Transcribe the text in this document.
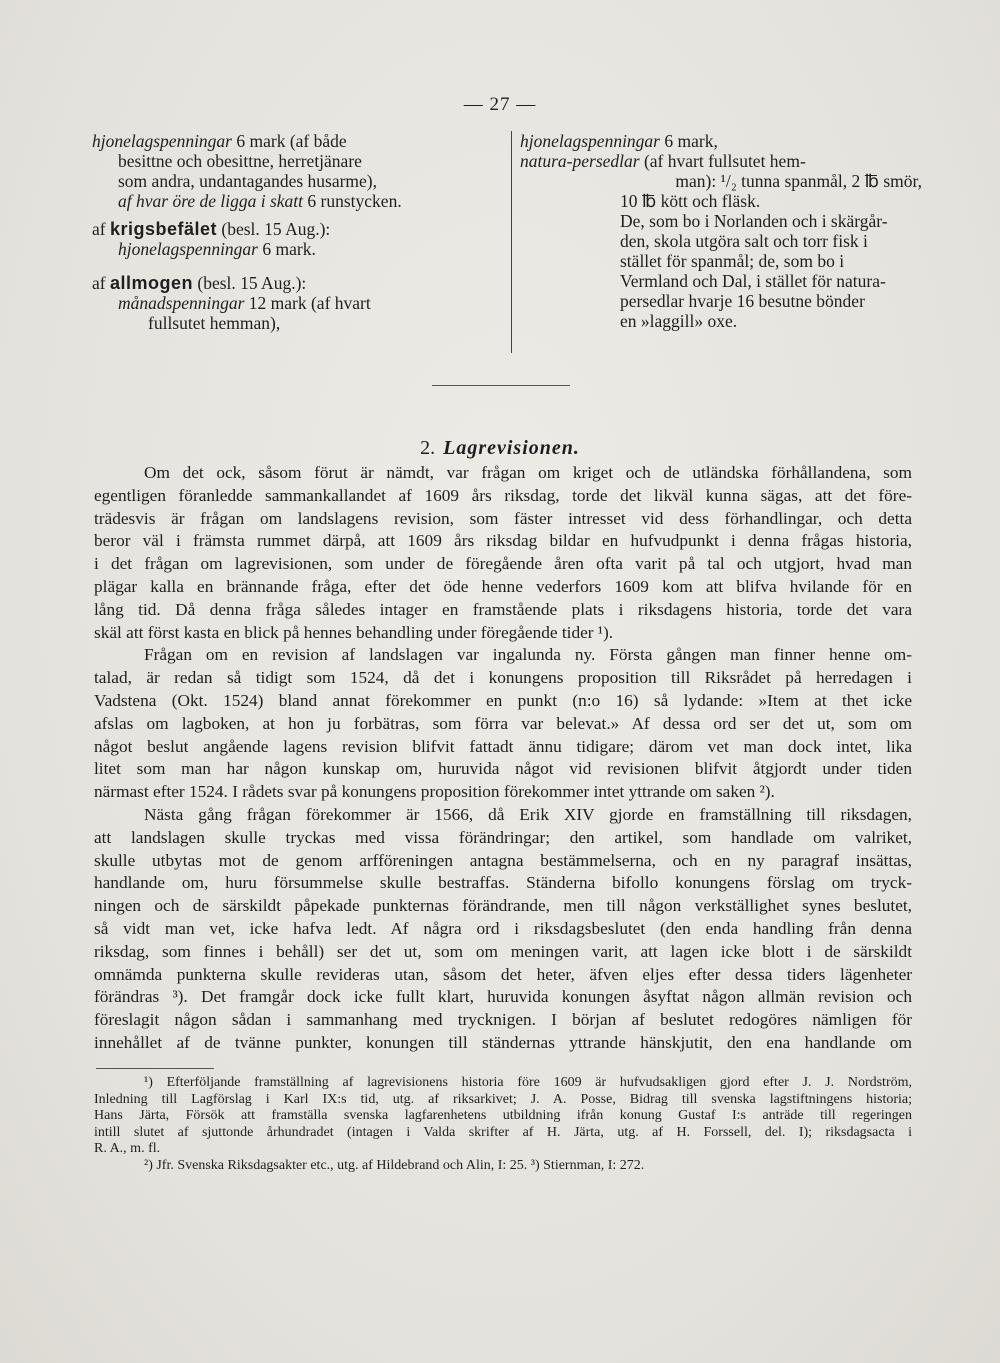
— 27 —
hjonelagspenningar 6 mark (af både
besittne och obesittne, herretjänare
som andra, undantagandes husarme),
af hvar öre de ligga i skatt 6 runstycken.
af krigsbefälet (besl. 15 Aug.):
hjonelagspenningar 6 mark.
af allmogen (besl. 15 Aug.):
månadspenningar 12 mark (af hvart
fullsutet hemman),
hjonelagspenningar 6 mark,
natura-persedlar (af hvart fullsutet hem-
man): ¹/₂ tunna spanmål, 2 ℔ smör,
10 ℔ kött och fläsk.
De, som bo i Norlanden och i skärgår-
den, skola utgöra salt och torr fisk i
stället för spanmål; de, som bo i
Vermland och Dal, i stället för natura-
persedlar hvarje 16 besutne bönder
en »laggill» oxe.
2. Lagrevisionen.
Om det ock, såsom förut är nämdt, var frågan om kriget och de utländska förhållandena, som
egentligen föranledde sammankallandet af 1609 års riksdag, torde det likväl kunna sägas, att det före-
trädesvis är frågan om landslagens revision, som fäster intresset vid dess förhandlingar, och detta
beror väl i främsta rummet därpå, att 1609 års riksdag bildar en hufvudpunkt i denna frågas historia,
i det frågan om lagrevisionen, som under de föregående åren ofta varit på tal och utgjort, hvad man
plägar kalla en brännande fråga, efter det öde henne vederfors 1609 kom att blifva hvilande för en
lång tid. Då denna fråga således intager en framstående plats i riksdagens historia, torde det vara
skäl att först kasta en blick på hennes behandling under föregående tider ¹).
Frågan om en revision af landslagen var ingalunda ny. Första gången man finner henne om-
talad, är redan så tidigt som 1524, då det i konungens proposition till Riksrådet på herredagen i
Vadstena (Okt. 1524) bland annat förekommer en punkt (n:o 16) så lydande: »Item at thet icke
afslas om lagboken, at hon ju forbätras, som förra var belevat.» Af dessa ord ser det ut, som om
något beslut angående lagens revision blifvit fattadt ännu tidigare; därom vet man dock intet, lika
litet som man har någon kunskap om, huruvida något vid revisionen blifvit åtgjordt under tiden
närmast efter 1524. I rådets svar på konungens proposition förekommer intet yttrande om saken ²).
Nästa gång frågan förekommer är 1566, då Erik XIV gjorde en framställning till riksdagen,
att landslagen skulle tryckas med vissa förändringar; den artikel, som handlade om valriket,
skulle utbytas mot de genom arfföreningen antagna bestämmelserna, och en ny paragraf insättas,
handlande om, huru försummelse skulle bestraffas. Ständerna bifollo konungens förslag om tryck-
ningen och de särskildt påpekade punkternas förändrande, men till någon verkställighet synes beslutet,
så vidt man vet, icke hafva ledt. Af några ord i riksdagsbeslutet (den enda handling från denna
riksdag, som finnes i behåll) ser det ut, som om meningen varit, att lagen icke blott i de särskildt
omnämda punkterna skulle revideras utan, såsom det heter, äfven eljes efter dessa tiders lägenheter
förändras ³). Det framgår dock icke fullt klart, huruvida konungen åsyftat någon allmän revision och
föreslagit någon sådan i sammanhang med trycknigen. I början af beslutet redogöres nämligen för
innehållet af de tvänne punkter, konungen till ständernas yttrande hänskjutit, den ena handlande om
¹) Efterföljande framställning af lagrevisionens historia före 1609 är hufvudsakligen gjord efter J. J. Nordström,
Inledning till Lagförslag i Karl IX:s tid, utg. af riksarkivet; J. A. Posse, Bidrag till svenska lagstiftningens historia;
Hans Järta, Försök att framställa svenska lagfarenhetens utbildning ifrån konung Gustaf I:s anträde till regeringen
intill slutet af sjuttonde århundradet (intagen i Valda skrifter af H. Järta, utg. af H. Forssell, del. I); riksdagsacta i
R. A., m. fl.
²) Jfr. Svenska Riksdagsakter etc., utg. af Hildebrand och Alin, I: 25. ³) Stiernman, I: 272.
